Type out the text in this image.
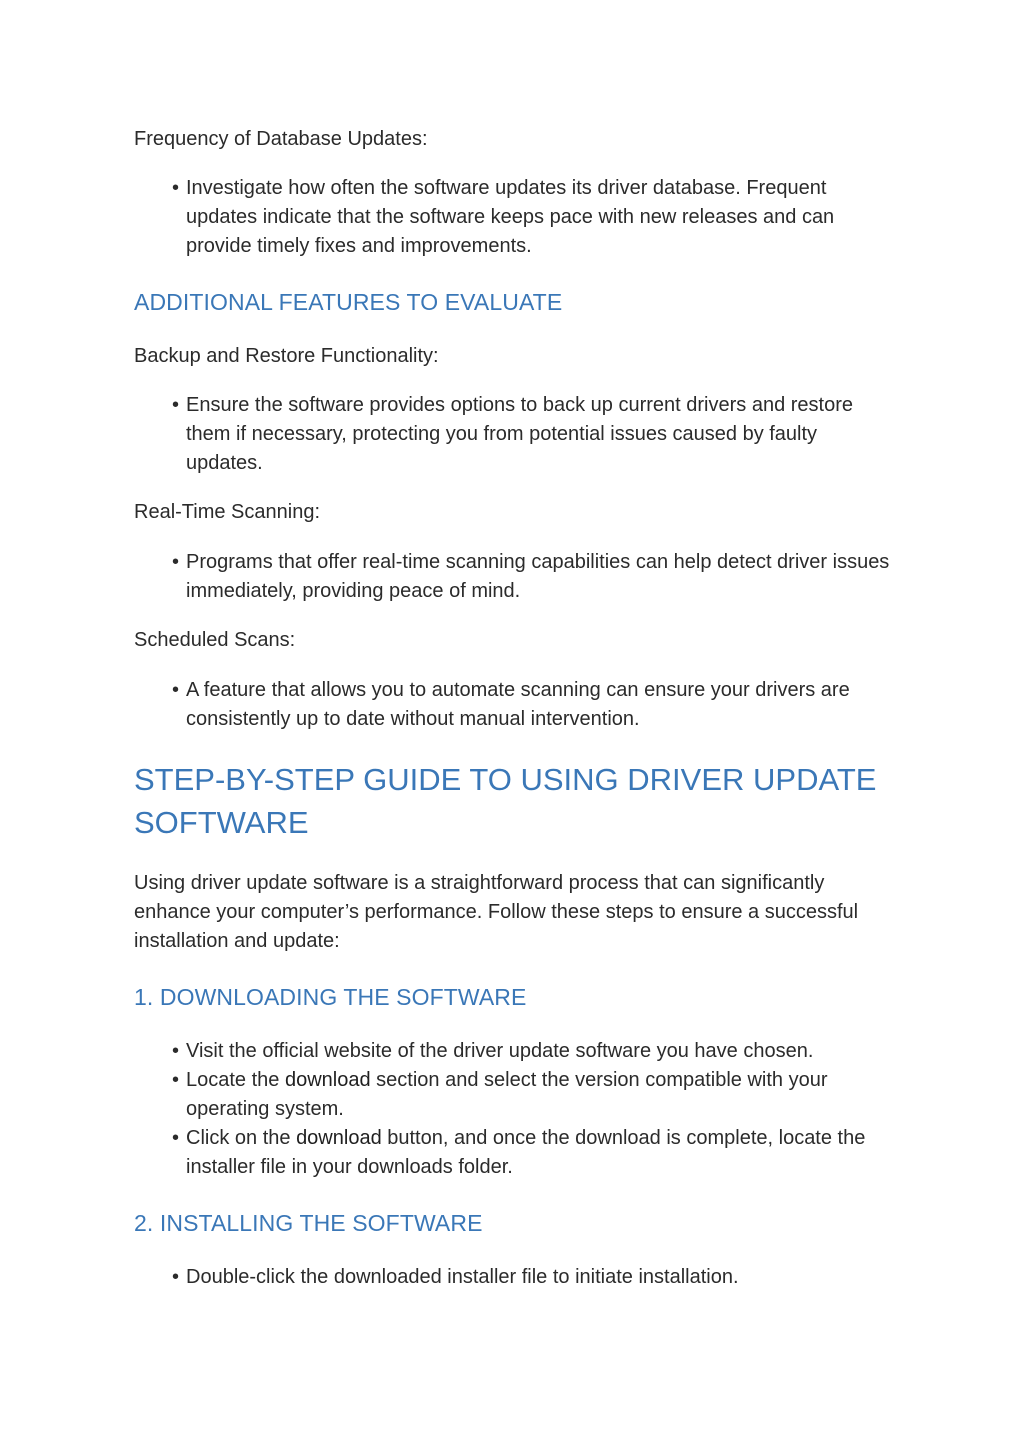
Frequency of Database Updates:

• Investigate how often the software updates its driver database. Frequent updates indicate that the software keeps pace with new releases and can provide timely fixes and improvements.
ADDITIONAL FEATURES TO EVALUATE

Backup and Restore Functionality:

• Ensure the software provides options to back up current drivers and restore them if necessary, protecting you from potential issues caused by faulty updates.

Real-Time Scanning:

• Programs that offer real-time scanning capabilities can help detect driver issues immediately, providing peace of mind.

Scheduled Scans:

• A feature that allows you to automate scanning can ensure your drivers are consistently up to date without manual intervention.
STEP-BY-STEP GUIDE TO USING DRIVER UPDATE SOFTWARE

Using driver update software is a straightforward process that can significantly enhance your computer’s performance. Follow these steps to ensure a successful installation and update:

1. DOWNLOADING THE SOFTWARE
• Visit the official website of the driver update software you have chosen.
• Locate the download section and select the version compatible with your operating system.
• Click on the download button, and once the download is complete, locate the installer file in your downloads folder.
2. INSTALLING THE SOFTWARE
• Double-click the downloaded installer file to initiate installation.
